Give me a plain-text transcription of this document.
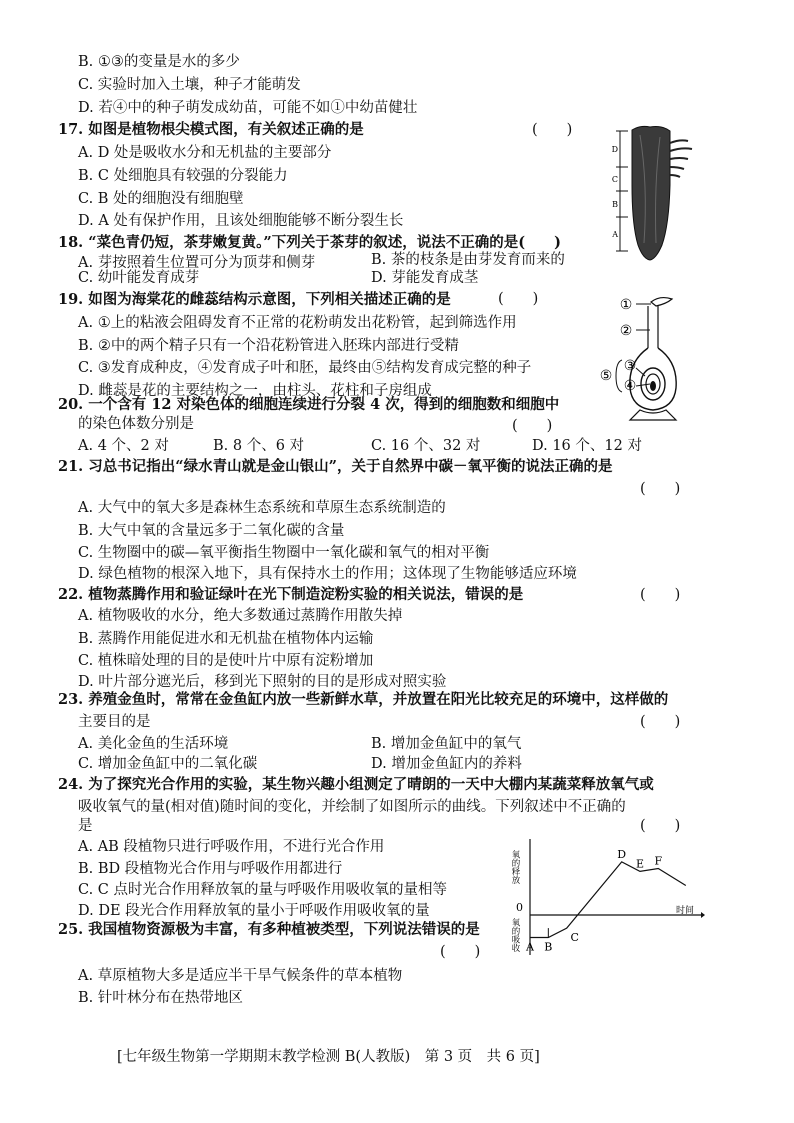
B. ①③的变量是水的多少
C. 实验时加入土壤，种子才能萌发
D. 若④中的种子萌发成幼苗，可能不如①中幼苗健壮
17. 如图是植物根尖模式图，有关叙述正确的是	(　　)
A. D 处是吸收水分和无机盐的主要部分
B. C 处细胞具有较强的分裂能力
C. B 处的细胞没有细胞壁
D. A 处有保护作用，且该处细胞能够不断分裂生长
D
C
B
A
18. “菜色青仍短，茶芽嫩复黄。”下列关于茶芽的叙述，说法不正确的是(　　)
A. 芽按照着生位置可分为顶芽和侧芽	B. 茶的枝条是由芽发育而来的
C. 幼叶能发育成芽	D. 芽能发育成茎
19. 如图为海棠花的雌蕊结构示意图，下列相关描述正确的是	(　　)
A. ①上的粘液会阻碍发育不正常的花粉萌发出花粉管，起到筛选作用
B. ②中的两个精子只有一个沿花粉管进入胚珠内部进行受精
C. ③发育成种皮，④发育成子叶和胚，最终由⑤结构发育成完整的种子
D. 雌蕊是花的主要结构之一，由柱头、花柱和子房组成
①
②
③
④
⑤
20. 一个含有 12 对染色体的细胞连续进行分裂 4 次，得到的细胞数和细胞中
的染色体数分别是	(　　)
A. 4 个、2 对	B. 8 个、6 对	C. 16 个、32 对	D. 16 个、12 对
21. 习总书记指出“绿水青山就是金山银山”，关于自然界中碳－氧平衡的说法正确的是
(　　)
A. 大气中的氧大多是森林生态系统和草原生态系统制造的
B. 大气中氧的含量远多于二氧化碳的含量
C. 生物圈中的碳—氧平衡指生物圈中一氧化碳和氧气的相对平衡
D. 绿色植物的根深入地下，具有保持水土的作用；这体现了生物能够适应环境
22. 植物蒸腾作用和验证绿叶在光下制造淀粉实验的相关说法，错误的是	(　　)
A. 植物吸收的水分，绝大多数通过蒸腾作用散失掉
B. 蒸腾作用能促进水和无机盐在植物体内运输
C. 植株暗处理的目的是使叶片中原有淀粉增加
D. 叶片部分遮光后，移到光下照射的目的是形成对照实验
23. 养殖金鱼时，常常在金鱼缸内放一些新鲜水草，并放置在阳光比较充足的环境中，这样做的
主要目的是	(　　)
A. 美化金鱼的生活环境	B. 增加金鱼缸中的氧气
C. 增加金鱼缸中的二氧化碳	D. 增加金鱼缸内的养料
24. 为了探究光合作用的实验，某生物兴趣小组测定了晴朗的一天中大棚内某蔬菜释放氧气或
吸收氧气的量(相对值)随时间的变化，并绘制了如图所示的曲线。下列叙述中不正确的
是	(　　)
A. AB 段植物只进行呼吸作用，不进行光合作用
B. BD 段植物光合作用与呼吸作用都进行
C. C 点时光合作用释放氧的量与呼吸作用吸收氧的量相等
D. DE 段光合作用释放氧的量小于呼吸作用吸收氧的量	0	时间
氧的释放
氧的吸收 A B
C
D
E F
25. 我国植物资源极为丰富，有多种植被类型，下列说法错误的是
(　　)
A. 草原植物大多是适应半干旱气候条件的草本植物
B. 针叶林分布在热带地区
[七年级生物第一学期期末教学检测 B(人教版)　第 3 页　共 6 页]
